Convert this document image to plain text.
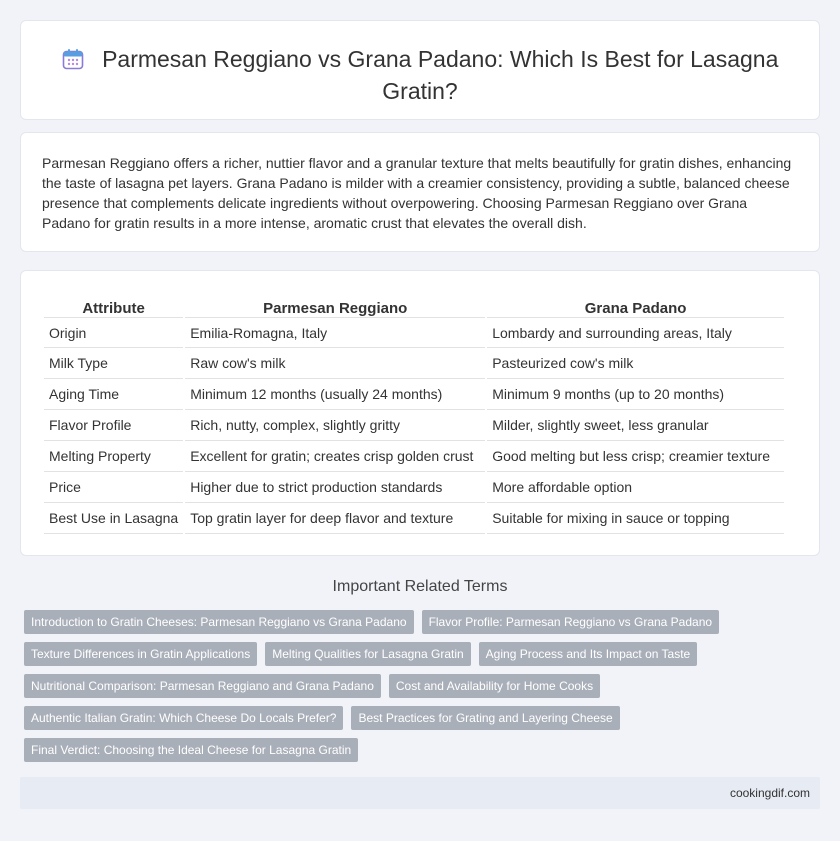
Parmesan Reggiano vs Grana Padano: Which Is Best for Lasagna Gratin?

Parmesan Reggiano offers a richer, nuttier flavor and a granular texture that melts beautifully for gratin dishes, enhancing the taste of lasagna pet layers. Grana Padano is milder with a creamier consistency, providing a subtle, balanced cheese presence that complements delicate ingredients without overpowering. Choosing Parmesan Reggiano over Grana Padano for gratin results in a more intense, aromatic crust that elevates the overall dish.

Attribute	Parmesan Reggiano	Grana Padano
Origin	Emilia-Romagna, Italy	Lombardy and surrounding areas, Italy
Milk Type	Raw cow's milk	Pasteurized cow's milk
Aging Time	Minimum 12 months (usually 24 months)	Minimum 9 months (up to 20 months)
Flavor Profile	Rich, nutty, complex, slightly gritty	Milder, slightly sweet, less granular
Melting Property	Excellent for gratin; creates crisp golden crust	Good melting but less crisp; creamier texture
Price	Higher due to strict production standards	More affordable option
Best Use in Lasagna	Top gratin layer for deep flavor and texture	Suitable for mixing in sauce or topping
Important Related Terms
Introduction to Gratin Cheeses: Parmesan Reggiano vs Grana Padano	Flavor Profile: Parmesan Reggiano vs Grana Padano
Texture Differences in Gratin Applications	Melting Qualities for Lasagna Gratin	Aging Process and Its Impact on Taste
Nutritional Comparison: Parmesan Reggiano and Grana Padano	Cost and Availability for Home Cooks
Authentic Italian Gratin: Which Cheese Do Locals Prefer?	Best Practices for Grating and Layering Cheese
Final Verdict: Choosing the Ideal Cheese for Lasagna Gratin
cookingdif.com
